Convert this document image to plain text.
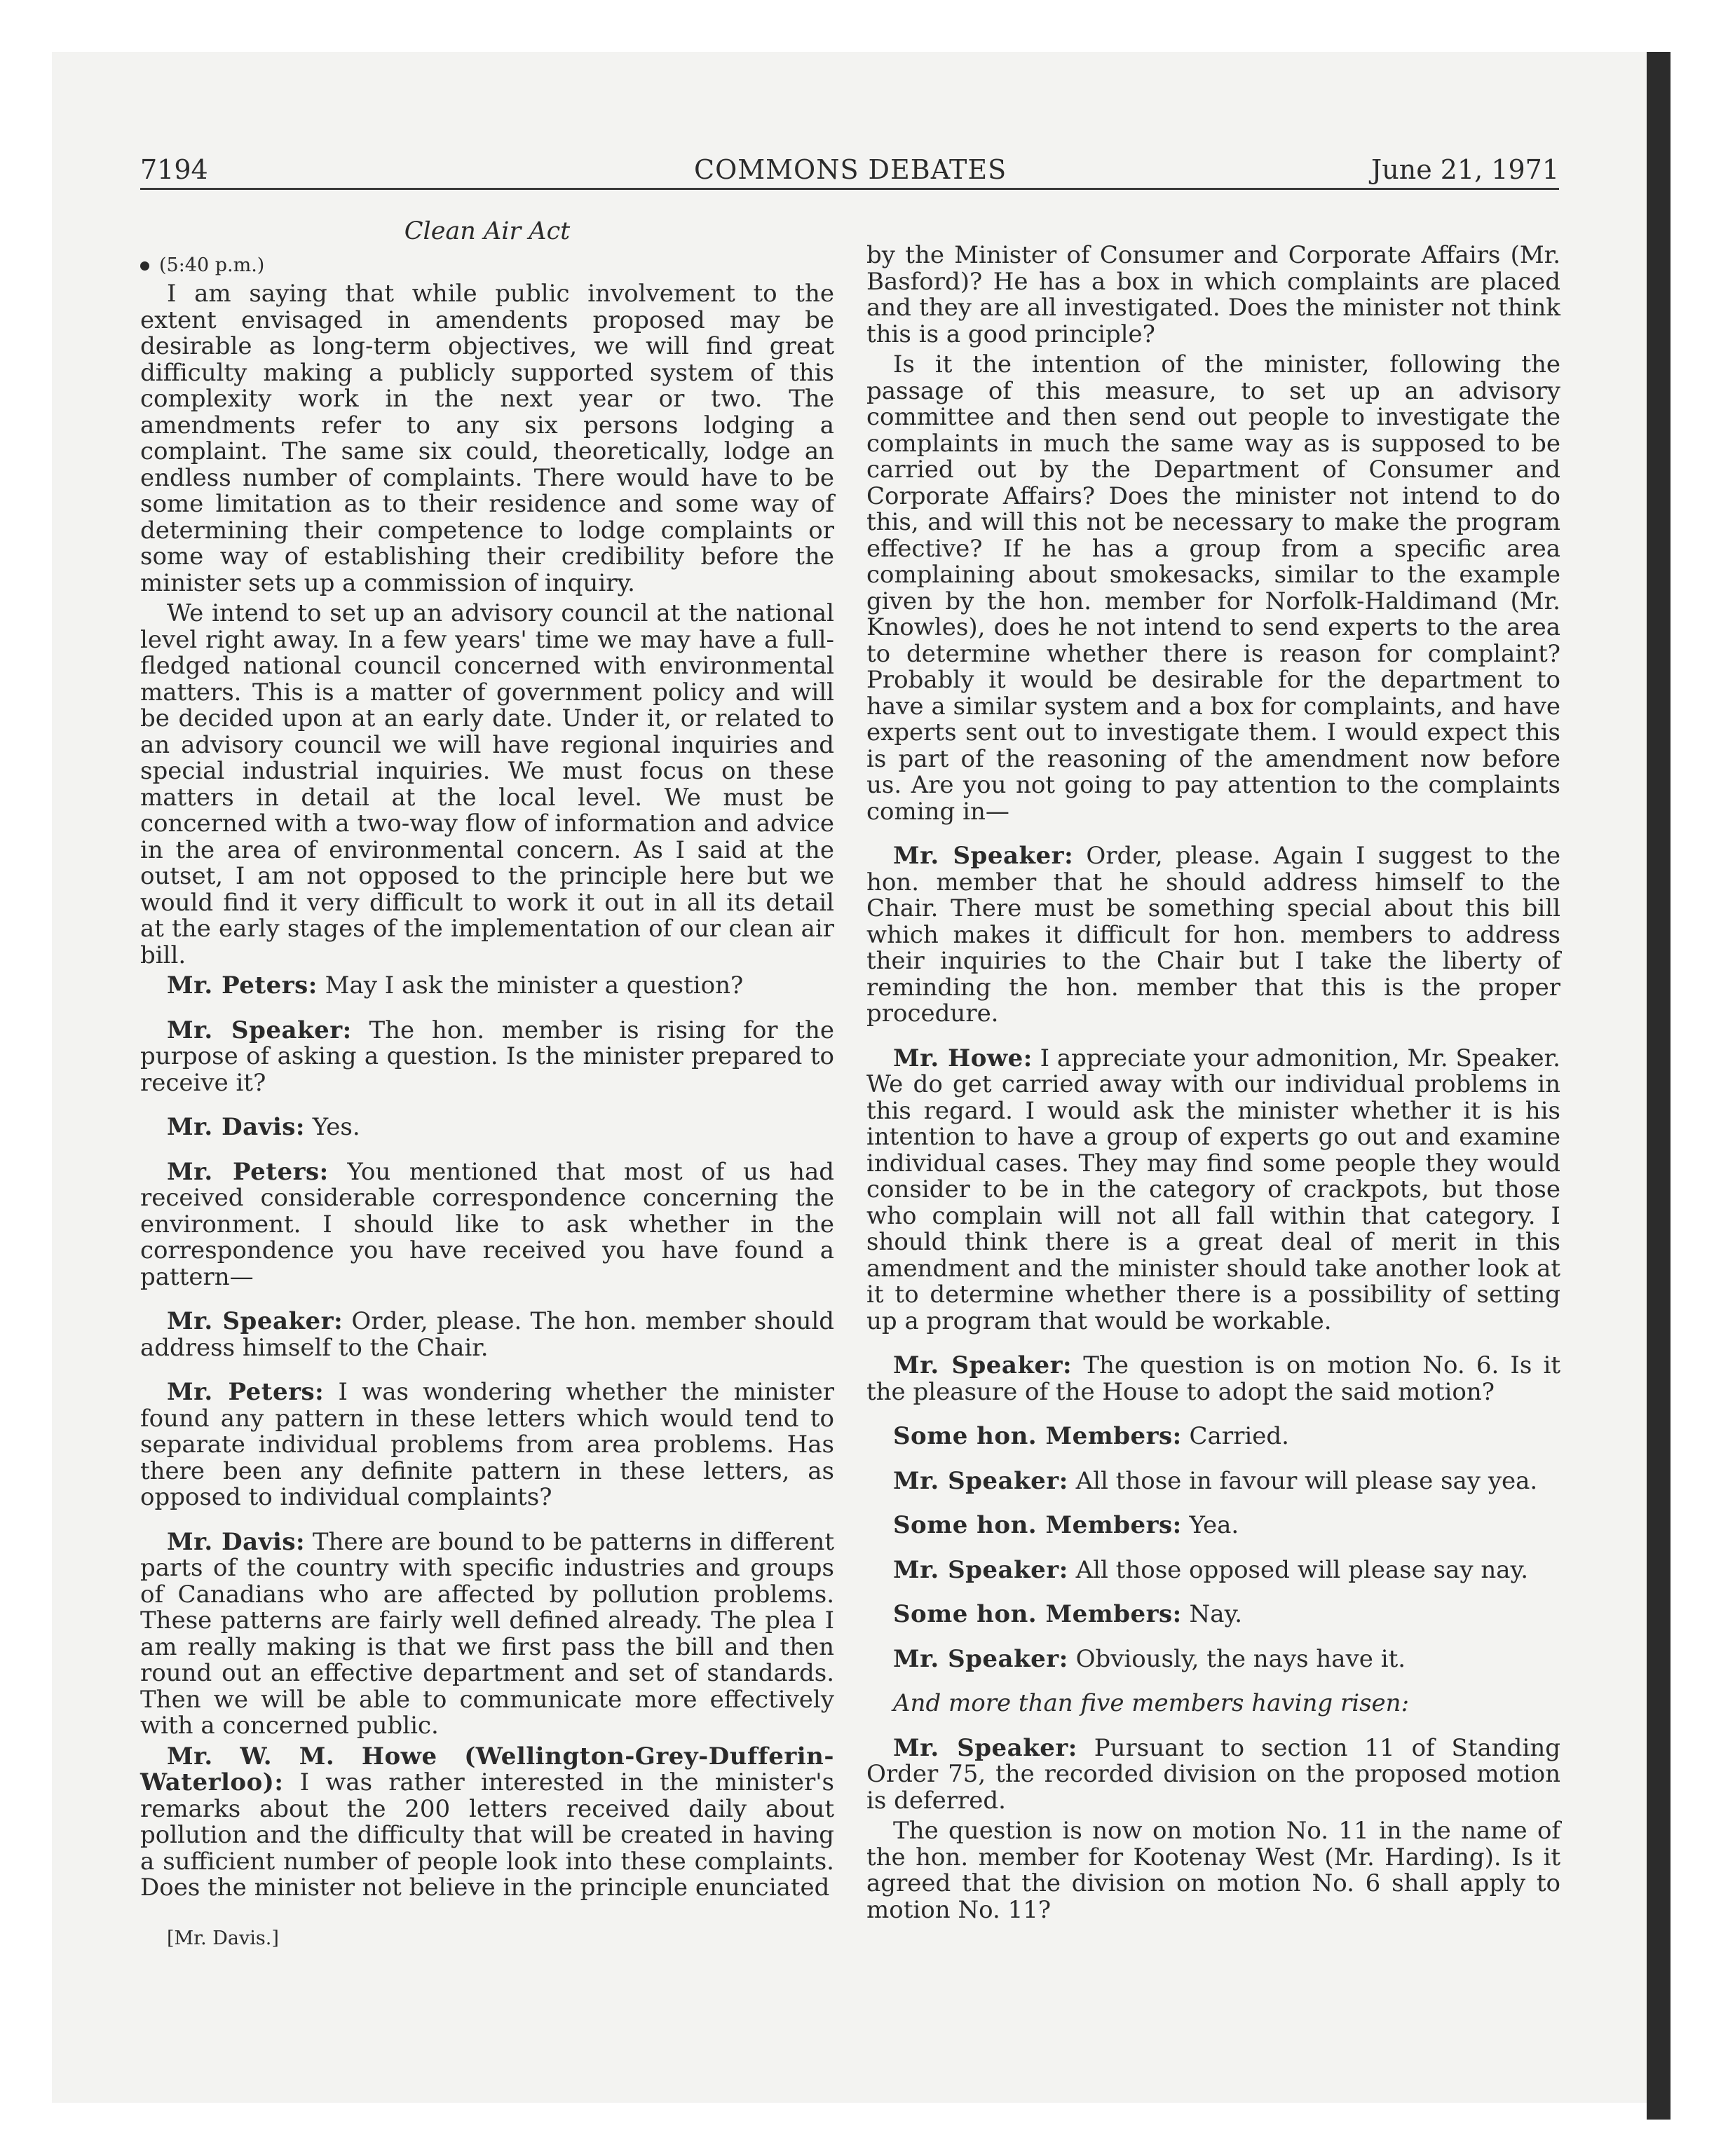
7194	COMMONS DEBATES	June 21, 1971
Clean Air Act
(5:40 p.m.)

I am saying that while public involvement to the extent envisaged in amendents proposed may be desirable as long-term objectives, we will find great difficulty making a publicly supported system of this complexity work in the next year or two. The amendments refer to any six persons lodging a complaint. The same six could, theoretically, lodge an endless number of complaints. There would have to be some limitation as to their residence and some way of determining their competence to lodge complaints or some way of establishing their credibility before the minister sets up a commission of inquiry.

We intend to set up an advisory council at the national level right away. In a few years' time we may have a full-fledged national council concerned with environmental matters. This is a matter of government policy and will be decided upon at an early date. Under it, or related to an advisory council we will have regional inquiries and special industrial inquiries. We must focus on these matters in detail at the local level. We must be concerned with a two-way flow of information and advice in the area of environmental concern. As I said at the outset, I am not opposed to the principle here but we would find it very difficult to work it out in all its detail at the early stages of the implementation of our clean air bill.

Mr. Peters: May I ask the minister a question?

Mr. Speaker: The hon. member is rising for the purpose of asking a question. Is the minister prepared to receive it?

Mr. Davis: Yes.

Mr. Peters: You mentioned that most of us had received considerable correspondence concerning the environment. I should like to ask whether in the correspondence you have received you have found a pattern—

Mr. Speaker: Order, please. The hon. member should address himself to the Chair.

Mr. Peters: I was wondering whether the minister found any pattern in these letters which would tend to separate individual problems from area problems. Has there been any definite pattern in these letters, as opposed to individual complaints?

Mr. Davis: There are bound to be patterns in different parts of the country with specific industries and groups of Canadians who are affected by pollution problems. These patterns are fairly well defined already. The plea I am really making is that we first pass the bill and then round out an effective department and set of standards. Then we will be able to communicate more effectively with a concerned public.

Mr. W. M. Howe (Wellington-Grey-Dufferin-Waterloo): I was rather interested in the minister's remarks about the 200 letters received daily about pollution and the difficulty that will be created in having a sufficient number of people look into these complaints. Does the minister not believe in the principle enunciated

[Mr. Davis.]

by the Minister of Consumer and Corporate Affairs (Mr. Basford)? He has a box in which complaints are placed and they are all investigated. Does the minister not think this is a good principle?

Is it the intention of the minister, following the passage of this measure, to set up an advisory committee and then send out people to investigate the complaints in much the same way as is supposed to be carried out by the Department of Consumer and Corporate Affairs? Does the minister not intend to do this, and will this not be necessary to make the program effective? If he has a group from a specific area complaining about smokesacks, similar to the example given by the hon. member for Norfolk-Haldimand (Mr. Knowles), does he not intend to send experts to the area to determine whether there is reason for complaint? Probably it would be desirable for the department to have a similar system and a box for complaints, and have experts sent out to investigate them. I would expect this is part of the reasoning of the amendment now before us. Are you not going to pay attention to the complaints coming in—

Mr. Speaker: Order, please. Again I suggest to the hon. member that he should address himself to the Chair. There must be something special about this bill which makes it difficult for hon. members to address their inquiries to the Chair but I take the liberty of reminding the hon. member that this is the proper procedure.

Mr. Howe: I appreciate your admonition, Mr. Speaker. We do get carried away with our individual problems in this regard. I would ask the minister whether it is his intention to have a group of experts go out and examine individual cases. They may find some people they would consider to be in the category of crackpots, but those who complain will not all fall within that category. I should think there is a great deal of merit in this amendment and the minister should take another look at it to determine whether there is a possibility of setting up a program that would be workable.

Mr. Speaker: The question is on motion No. 6. Is it the pleasure of the House to adopt the said motion?

Some hon. Members: Carried.

Mr. Speaker: All those in favour will please say yea.

Some hon. Members: Yea.

Mr. Speaker: All those opposed will please say nay.

Some hon. Members: Nay.

Mr. Speaker: Obviously, the nays have it.

And more than five members having risen:

Mr. Speaker: Pursuant to section 11 of Standing Order 75, the recorded division on the proposed motion is deferred.

The question is now on motion No. 11 in the name of the hon. member for Kootenay West (Mr. Harding). Is it agreed that the division on motion No. 6 shall apply to motion No. 11?
